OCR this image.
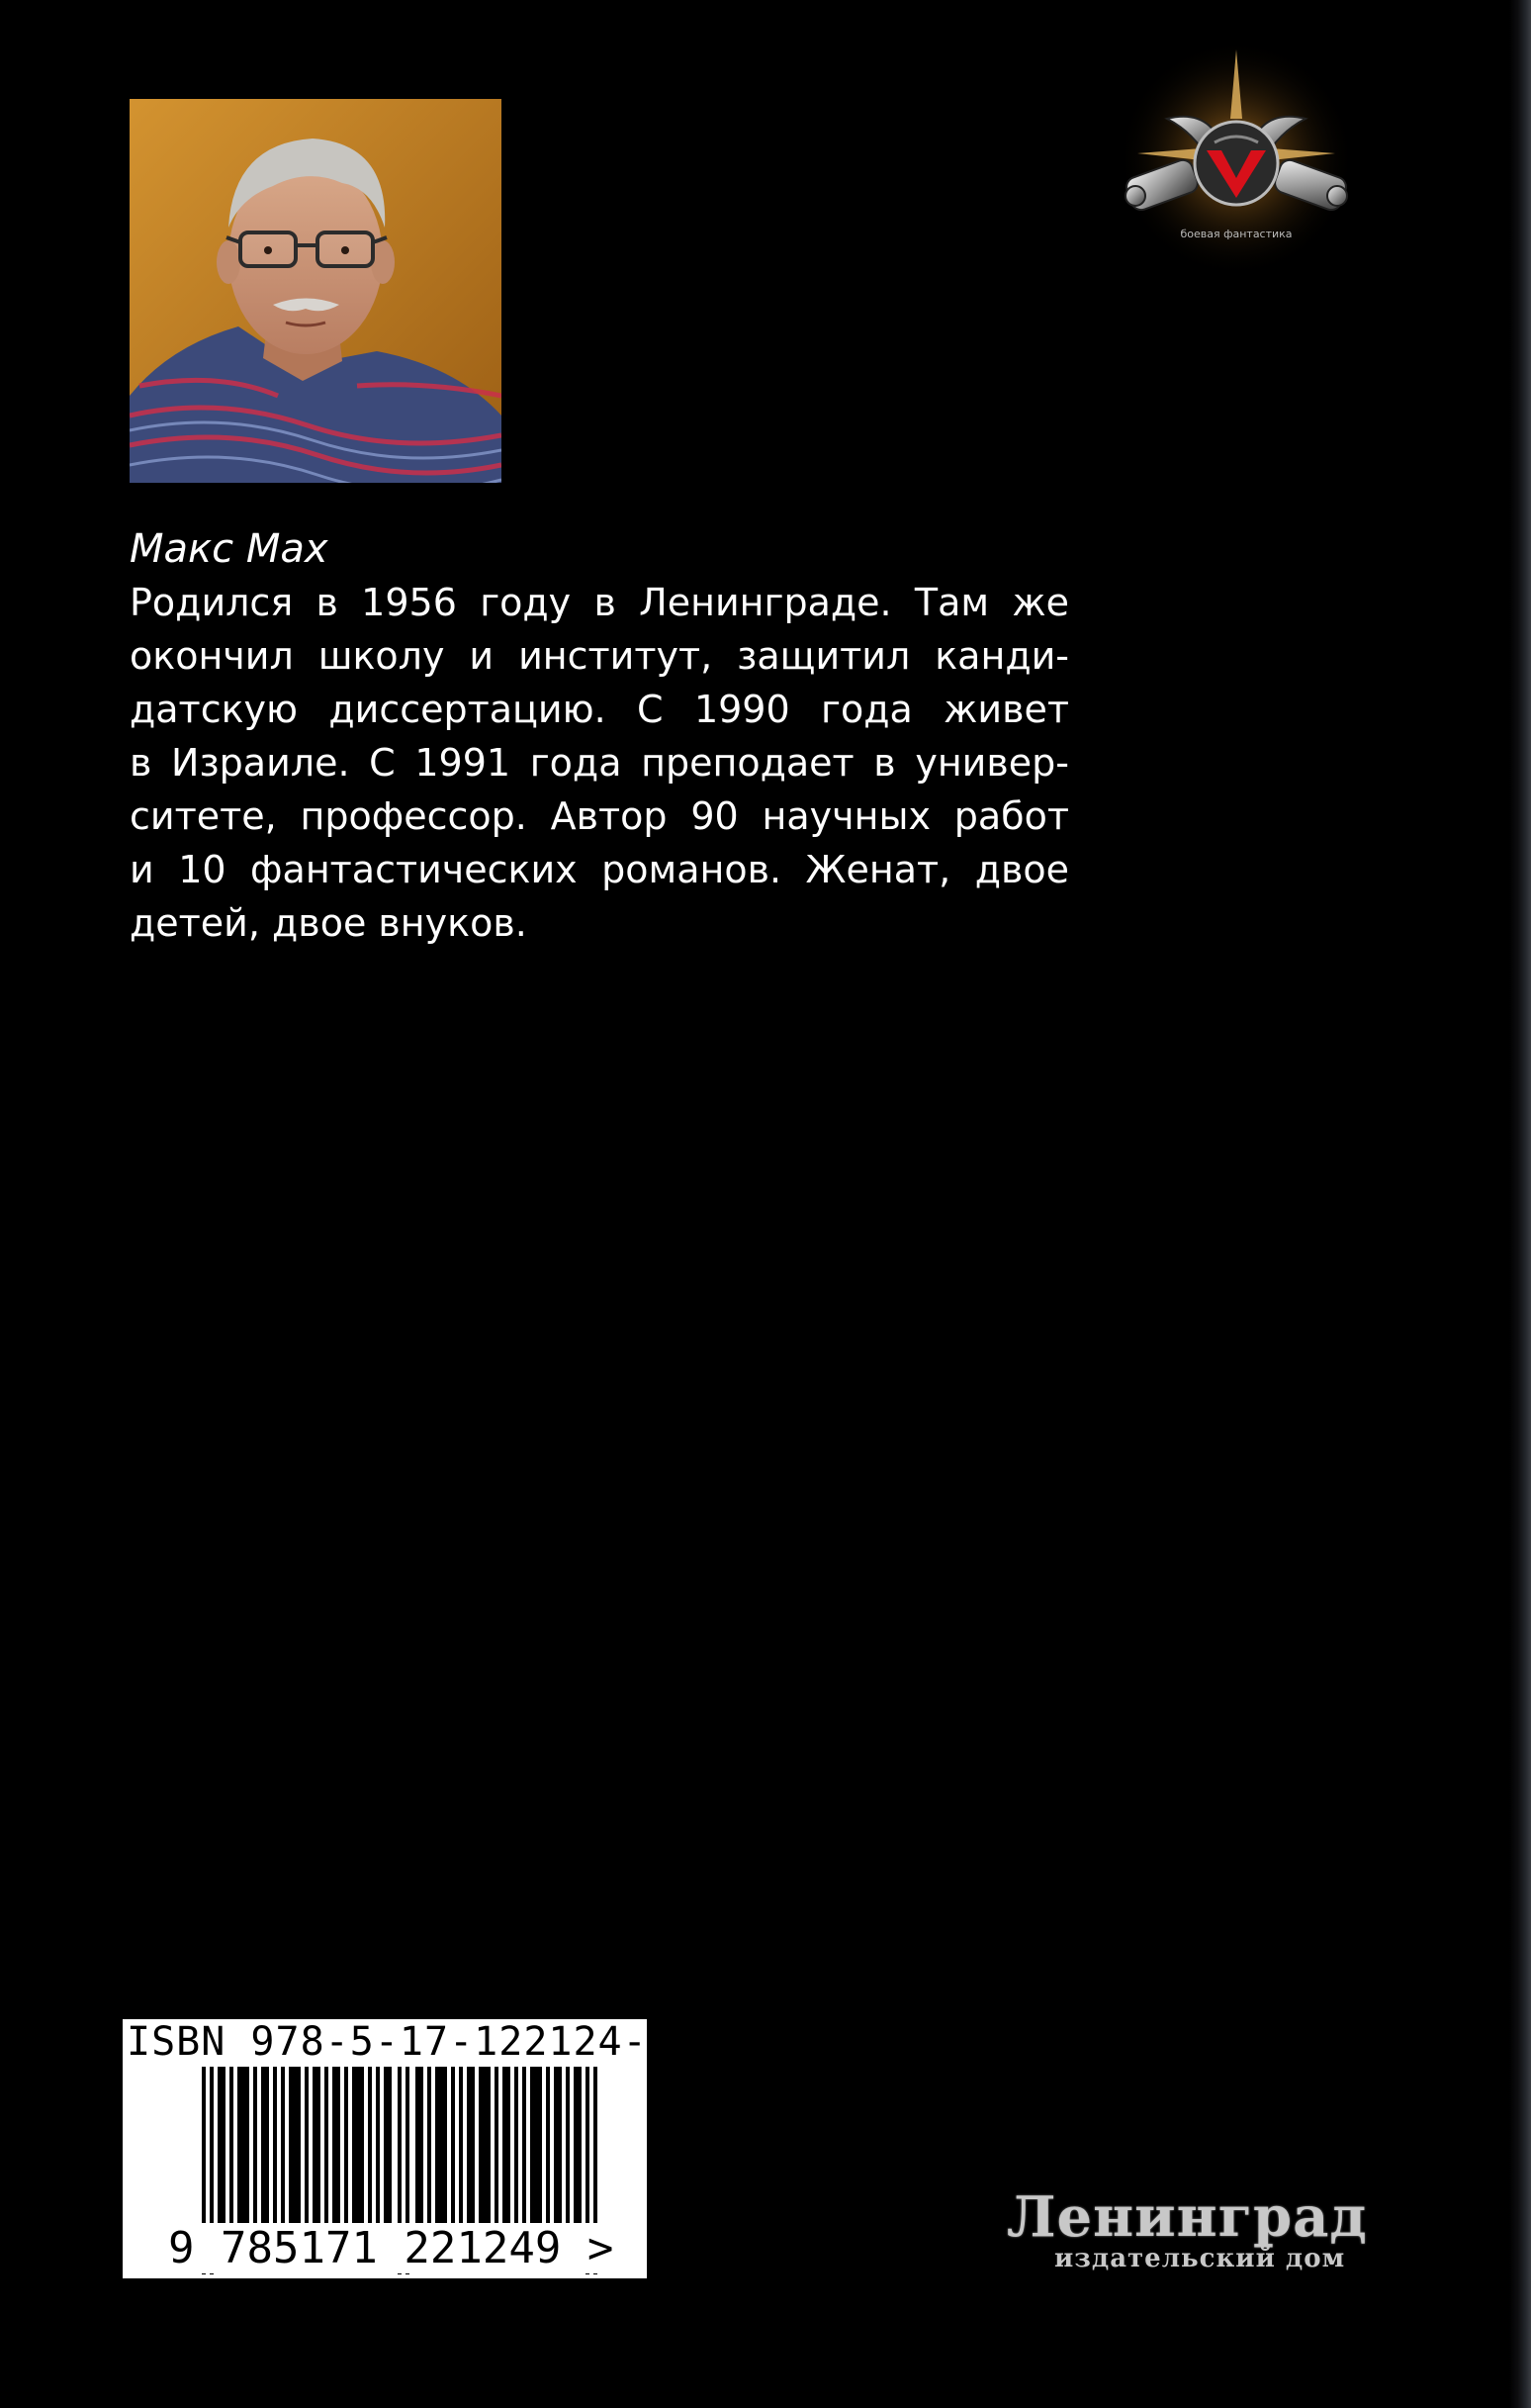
боевая фантастика
Макс Мах
Родился в 1956 году в Ленинграде. Там же
окончил школу и институт, защитил канди-
датскую диссертацию. С 1990 года живет
в Израиле. С 1991 года преподает в универ-
ситете, профессор. Автор 90 научных работ
и 10 фантастических романов. Женат, двое
детей, двое внуков.
ISBN 978-5-17-122124-9
9 785171 221249 >	Ленинград
издательский дом
